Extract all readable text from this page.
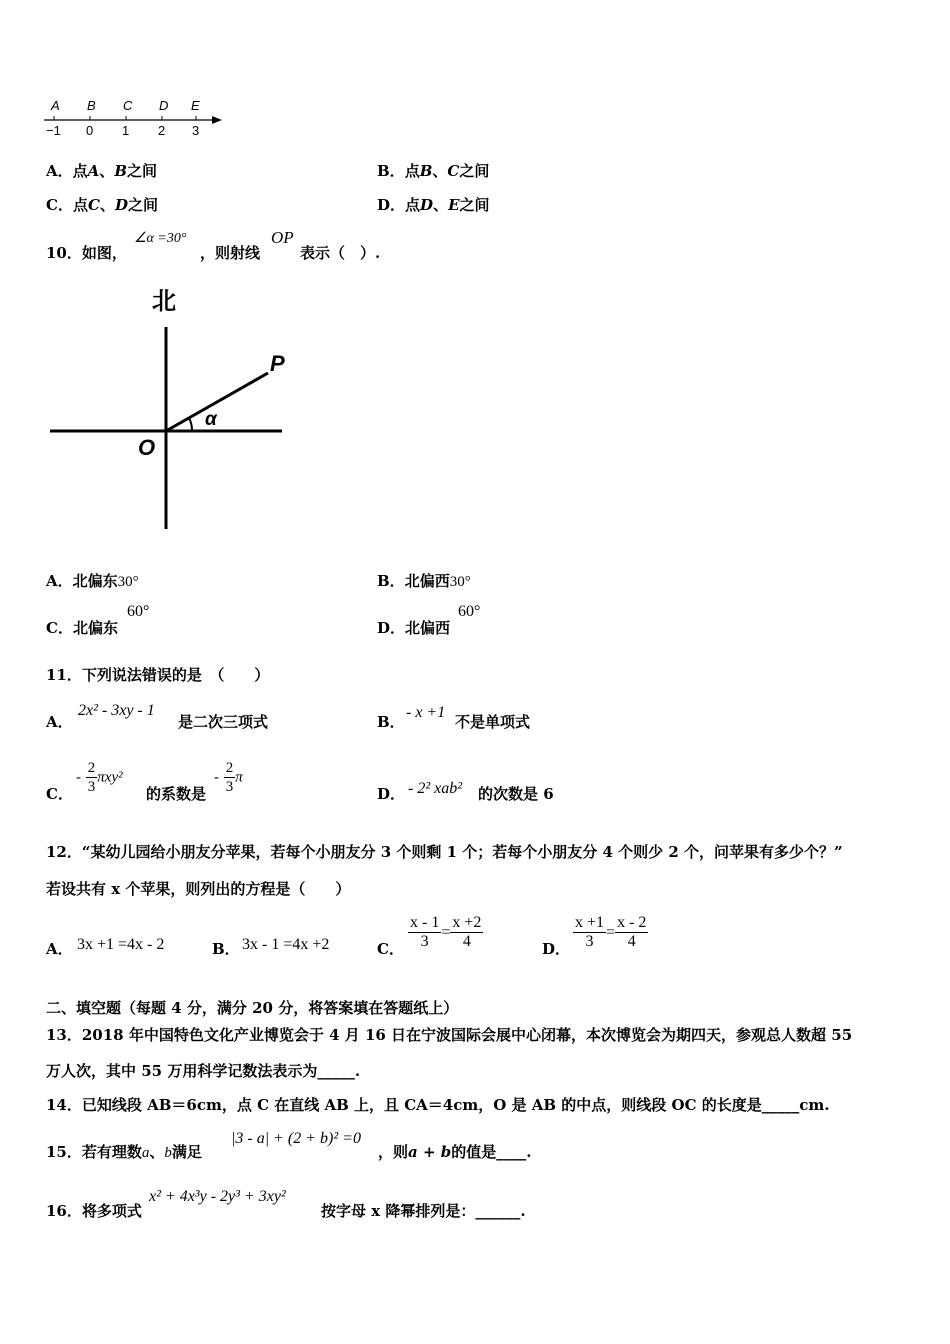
A B C D E
−1 0 1 2 3
A．点A、B之间	B．点B、C之间
C．点C、D之间	D．点D、E之间
10．如图，
∠α =30°
，则射线
OP
表示（　）.
北
P
O
α
A．北偏东30°	B．北偏西30°
C．北偏东
60°
D．北偏西
60°
11．下列说法错误的是　（　　）
A．
2x² - 3xy - 1
是二次三项式	B．
- x +1
不是单项式
C．
- $\frac{2}{3} \pi xy^2$
的系数是
- $\frac{2}{3}$ π
D． - 2² xab² 的次数是 6
12．“某幼儿园给小朋友分苹果，若每个小朋友分 3 个则剩 1 个；若每个小朋友分 4 个则少 2 个，问苹果有多少个？”
若设共有 x 个苹果，则列出的方程是（　　）
A． 3x +1 =4x - 2	B． 3x - 1 =4x +2	C． $\frac{x - 1}{3} = \frac{x +2}{4}$	D． $\frac{x +1}{3} = \frac{x - 2}{4}$
二、填空题（每题 4 分，满分 20 分，将答案填在答题纸上）
13．2018 年中国特色文化产业博览会于 4 月 16 日在宁波国际会展中心闭幕，本次博览会为期四天，参观总人数超 55
万人次，其中 55 万用科学记数法表示为_____.
14．已知线段 AB＝6cm，点 C 在直线 AB 上，且 CA＝4cm，O 是 AB 的中点，则线段 OC 的长度是_____cm.
15．若有理数a、b满足
|3 - a| + (2 + b)² =0
，则a + b的值是____.
16．将多项式
x² + 4x³y - 2y³ + 3xy²
按字母 x 降幂排列是：______.
